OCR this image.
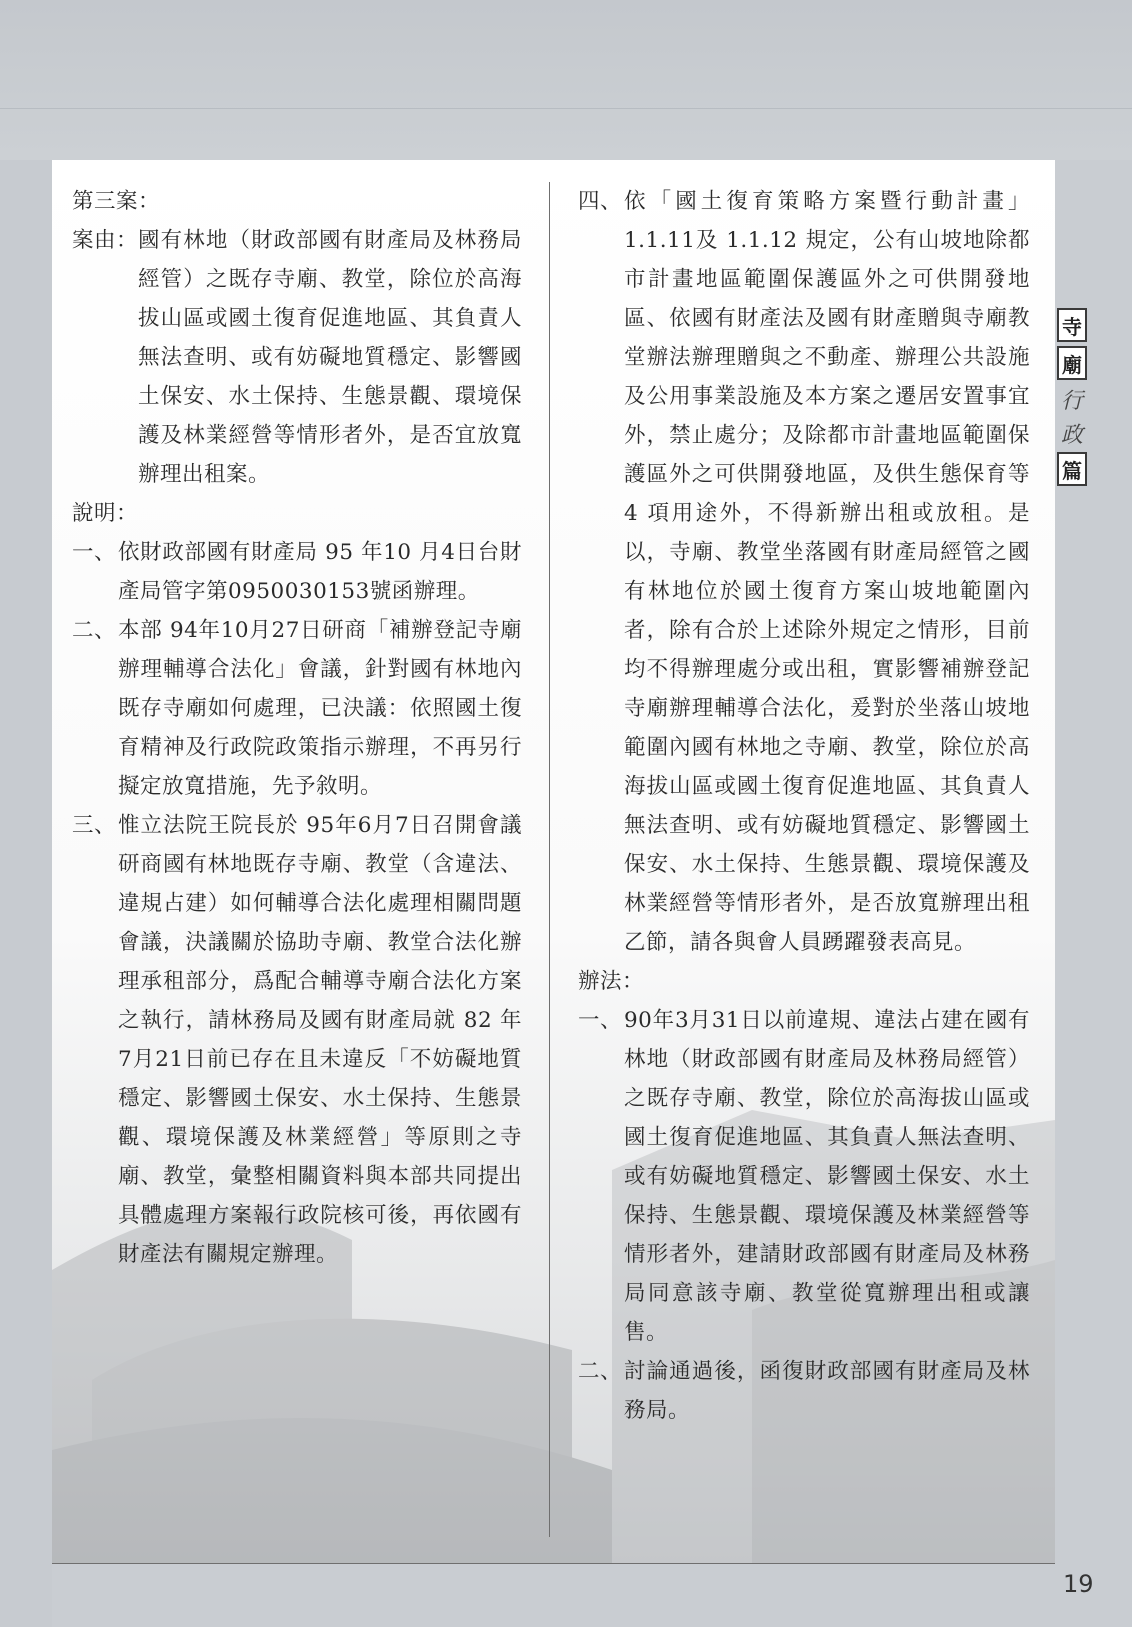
第三案：
案由： 國有林地（財政部國有財產局及林務局經管）之既存寺廟、教堂，除位於高海拔山區或國土復育促進地區、其負責人無法查明、或有妨礙地質穩定、影響國土保安、水土保持、生態景觀、環境保護及林業經營等情形者外，是否宜放寬辦理出租案。
說明：
一、 依財政部國有財產局 95 年10 月4日台財產局管字第0950030153號函辦理。
二、 本部 94年10月27日研商「補辦登記寺廟辦理輔導合法化」會議，針對國有林地內既存寺廟如何處理，已決議：依照國土復育精神及行政院政策指示辦理，不再另行擬定放寬措施，先予敘明。
三、 惟立法院王院長於 95年6月7日召開會議研商國有林地既存寺廟、教堂（含違法、違規占建）如何輔導合法化處理相關問題會議，決議關於協助寺廟、教堂合法化辦理承租部分，爲配合輔導寺廟合法化方案之執行，請林務局及國有財產局就 82 年 7月21日前已存在且未違反「不妨礙地質穩定、影響國土保安、水土保持、生態景觀、環境保護及林業經營」等原則之寺廟、教堂，彙整相關資料與本部共同提出具體處理方案報行政院核可後，再依國有財產法有關規定辦理。
四、 依「國土復育策略方案暨行動計畫」1.1.11及 1.1.12 規定，公有山坡地除都市計畫地區範圍保護區外之可供開發地區、依國有財產法及國有財產贈與寺廟教堂辦法辦理贈與之不動產、辦理公共設施及公用事業設施及本方案之遷居安置事宜外，禁止處分；及除都市計畫地區範圍保護區外之可供開發地區，及供生態保育等 4 項用途外，不得新辦出租或放租。是以，寺廟、教堂坐落國有財產局經管之國有林地位於國土復育方案山坡地範圍內者，除有合於上述除外規定之情形，目前均不得辦理處分或出租，實影響補辦登記寺廟辦理輔導合法化，爰對於坐落山坡地範圍內國有林地之寺廟、教堂，除位於高海拔山區或國土復育促進地區、其負責人無法查明、或有妨礙地質穩定、影響國土保安、水土保持、生態景觀、環境保護及林業經營等情形者外，是否放寬辦理出租乙節，請各與會人員踴躍發表高見。
辦法：
一、 90年3月31日以前違規、違法占建在國有林地（財政部國有財產局及林務局經管）之既存寺廟、教堂，除位於高海拔山區或國土復育促進地區、其負責人無法查明、或有妨礙地質穩定、影響國土保安、水土保持、生態景觀、環境保護及林業經營等情形者外，建請財政部國有財產局及林務局同意該寺廟、教堂從寬辦理出租或讓售。
二、 討論通過後，函復財政部國有財產局及林務局。
寺
廟
行
政
篇
19
